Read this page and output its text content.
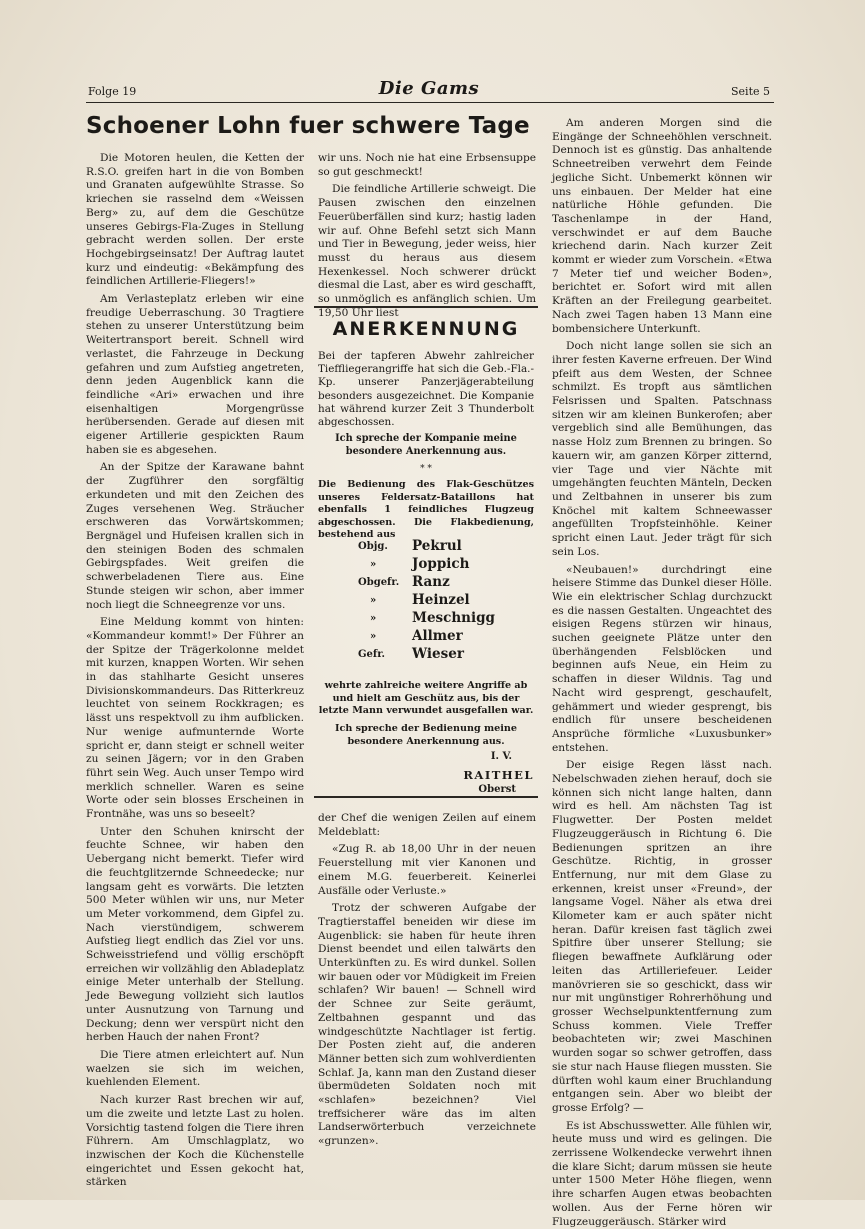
Folge 19	Die Gams	Seite 5
Schoener Lohn fuer schwere Tage

Die Motoren heulen, die Ketten der R.S.O. greifen hart in die von Bomben und Granaten aufgewühlte Strasse. So kriechen sie rasselnd dem «Weissen Berg» zu, auf dem die Geschütze unseres Gebirgs-Fla-Zuges in Stellung gebracht werden sollen. Der erste Hochgebirgseinsatz! Der Auftrag lautet kurz und eindeutig: «Bekämpfung des feindlichen Artillerie-Fliegers!»

Am Verlasteplatz erleben wir eine freudige Ueberraschung. 30 Tragtiere stehen zu unserer Unterstützung beim Weitertransport bereit. Schnell wird verlastet, die Fahrzeuge in Deckung gefahren und zum Aufstieg angetreten, denn jeden Augenblick kann die feindliche «Ari» erwachen und ihre eisenhaltigen Morgengrüsse herübersenden. Gerade auf diesen mit eigener Artillerie gespickten Raum haben sie es abgesehen.

An der Spitze der Karawane bahnt der Zugführer den sorgfältig erkundeten und mit den Zeichen des Zuges versehenen Weg. Sträucher erschweren das Vorwärtskommen; Bergnägel und Hufeisen krallen sich in den steinigen Boden des schmalen Gebirgspfades. Weit greifen die schwerbeladenen Tiere aus. Eine Stunde steigen wir schon, aber immer noch liegt die Schneegrenze vor uns.

Eine Meldung kommt von hinten: «Kommandeur kommt!» Der Führer an der Spitze der Trägerkolonne meldet mit kurzen, knappen Worten. Wir sehen in das stahlharte Gesicht unseres Divisionskommandeurs. Das Ritterkreuz leuchtet von seinem Rockkragen; es lässt uns respektvoll zu ihm aufblicken. Nur wenige aufmunternde Worte spricht er, dann steigt er schnell weiter zu seinen Jägern; vor in den Graben führt sein Weg. Auch unser Tempo wird merklich schneller. Waren es seine Worte oder sein blosses Erscheinen in Frontnähe, was uns so beseelt?

Unter den Schuhen knirscht der feuchte Schnee, wir haben den Uebergang nicht bemerkt. Tiefer wird die feuchtglitzernde Schneedecke; nur langsam geht es vorwärts. Die letzten 500 Meter wühlen wir uns, nur Meter um Meter vorkommend, dem Gipfel zu. Nach vierstündigem, schwerem Aufstieg liegt endlich das Ziel vor uns. Schweisstriefend und völlig erschöpft erreichen wir vollzählig den Abladeplatz einige Meter unterhalb der Stellung. Jede Bewegung vollzieht sich lautlos unter Ausnutzung von Tarnung und Deckung; denn wer verspürt nicht den herben Hauch der nahen Front?

Die Tiere atmen erleichtert auf. Nun waelzen sie sich im weichen, kuehlenden Element.

Nach kurzer Rast brechen wir auf, um die zweite und letzte Last zu holen. Vorsichtig tastend folgen die Tiere ihren Führern. Am Umschlagplatz, wo inzwischen der Koch die Küchenstelle eingerichtet und Essen gekocht hat, stärken

wir uns. Noch nie hat eine Erbsensuppe so gut geschmeckt!

Die feindliche Artillerie schweigt. Die Pausen zwischen den einzelnen Feuerüberfällen sind kurz; hastig laden wir auf. Ohne Befehl setzt sich Mann und Tier in Bewegung, jeder weiss, hier musst du heraus aus diesem Hexenkessel. Noch schwerer drückt diesmal die Last, aber es wird geschafft, so unmöglich es anfänglich schien. Um 19,50 Uhr liest

ANERKENNUNG
Bei der tapferen Abwehr zahlreicher Tieffliegerangriffe hat sich die Geb.-Fla.-Kp. unserer Panzerjägerabteilung besonders ausgezeichnet. Die Kompanie hat während kurzer Zeit 3 Thunderbolt abgeschossen.
Ich spreche der Kompanie meine besondere Anerkennung aus.
* *
Die Bedienung des Flak-Geschützes unseres Feldersatz-Bataillons hat ebenfalls 1 feindliches Flugzeug abgeschossen. Die Flakbedienung, bestehend aus
Objg.	Pekrul
»	Joppich
Obgefr. Ranz
»	Heinzel
»	Meschnigg
»	Allmer
Gefr.	Wieser
wehrte zahlreiche weitere Angriffe ab und hielt am Geschütz aus, bis der letzte Mann verwundet ausgefallen war.
Ich spreche der Bedienung meine besondere Anerkennung aus.
I. V.
RAITHEL
Oberst

der Chef die wenigen Zeilen auf einem Meldeblatt:

«Zug R. ab 18,00 Uhr in der neuen Feuerstellung mit vier Kanonen und einem M.G. feuerbereit. Keinerlei Ausfälle oder Verluste.»

Trotz der schweren Aufgabe der Tragtierstaffel beneiden wir diese im Augenblick: sie haben für heute ihren Dienst beendet und eilen talwärts den Unterkünften zu. Es wird dunkel. Sollen wir bauen oder vor Müdigkeit im Freien schlafen? Wir bauen! — Schnell wird der Schnee zur Seite geräumt, Zeltbahnen gespannt und das windgeschützte Nachtlager ist fertig. Der Posten zieht auf, die anderen Männer betten sich zum wohlverdienten Schlaf. Ja, kann man den Zustand dieser übermüdeten Soldaten noch mit «schlafen» bezeichnen? Viel treffsicherer wäre das im alten Landserwörterbuch verzeichnete «grunzen».

Am anderen Morgen sind die Eingänge der Schneehöhlen verschneit. Dennoch ist es günstig. Das anhaltende Schneetreiben verwehrt dem Feinde jegliche Sicht. Unbemerkt können wir uns einbauen. Der Melder hat eine natürliche Höhle gefunden. Die Taschenlampe in der Hand, verschwindet er auf dem Bauche kriechend darin. Nach kurzer Zeit kommt er wieder zum Vorschein. «Etwa 7 Meter tief und weicher Boden», berichtet er. Sofort wird mit allen Kräften an der Freilegung gearbeitet. Nach zwei Tagen haben 13 Mann eine bombensichere Unterkunft.

Doch nicht lange sollen sie sich an ihrer festen Kaverne erfreuen. Der Wind pfeift aus dem Westen, der Schnee schmilzt. Es tropft aus sämtlichen Felsrissen und Spalten. Patschnass sitzen wir am kleinen Bunkerofen; aber vergeblich sind alle Bemühungen, das nasse Holz zum Brennen zu bringen. So kauern wir, am ganzen Körper zitternd, vier Tage und vier Nächte mit umgehängten feuchten Mänteln, Decken und Zeltbahnen in unserer bis zum Knöchel mit kaltem Schneewasser angefüllten Tropfsteinhöhle. Keiner spricht einen Laut. Jeder trägt für sich sein Los.

«Neubauen!» durchdringt eine heisere Stimme das Dunkel dieser Hölle. Wie ein elektrischer Schlag durchzuckt es die nassen Gestalten. Ungeachtet des eisigen Regens stürzen wir hinaus, suchen geeignete Plätze unter den überhängenden Felsblöcken und beginnen aufs Neue, ein Heim zu schaffen in dieser Wildnis. Tag und Nacht wird gesprengt, geschaufelt, gehämmert und wieder gesprengt, bis endlich für unsere bescheidenen Ansprüche förmliche «Luxusbunker» entstehen.

Der eisige Regen lässt nach. Nebelschwaden ziehen herauf, doch sie können sich nicht lange halten, dann wird es hell. Am nächsten Tag ist Flugwetter. Der Posten meldet Flugzeuggeräusch in Richtung 6. Die Bedienungen spritzen an ihre Geschütze. Richtig, in grosser Entfernung, nur mit dem Glase zu erkennen, kreist unser «Freund», der langsame Vogel. Näher als etwa drei Kilometer kam er auch später nicht heran. Dafür kreisen fast täglich zwei Spitfire über unserer Stellung; sie fliegen bewaffnete Aufklärung oder leiten das Artilleriefeuer. Leider manövrieren sie so geschickt, dass wir nur mit ungünstiger Rohrerhöhung und grosser Wechselpunktentfernung zum Schuss kommen. Viele Treffer beobachteten wir; zwei Maschinen wurden sogar so schwer getroffen, dass sie stur nach Hause fliegen mussten. Sie dürften wohl kaum einer Bruchlandung entgangen sein. Aber wo bleibt der grosse Erfolg? —

Es ist Abschusswetter. Alle fühlen wir, heute muss und wird es gelingen. Die zerrissene Wolkendecke verwehrt ihnen die klare Sicht; darum müssen sie heute unter 1500 Meter Höhe fliegen, wenn ihre scharfen Augen etwas beobachten wollen. Aus der Ferne hören wir Flugzeuggeräusch. Stärker wird
